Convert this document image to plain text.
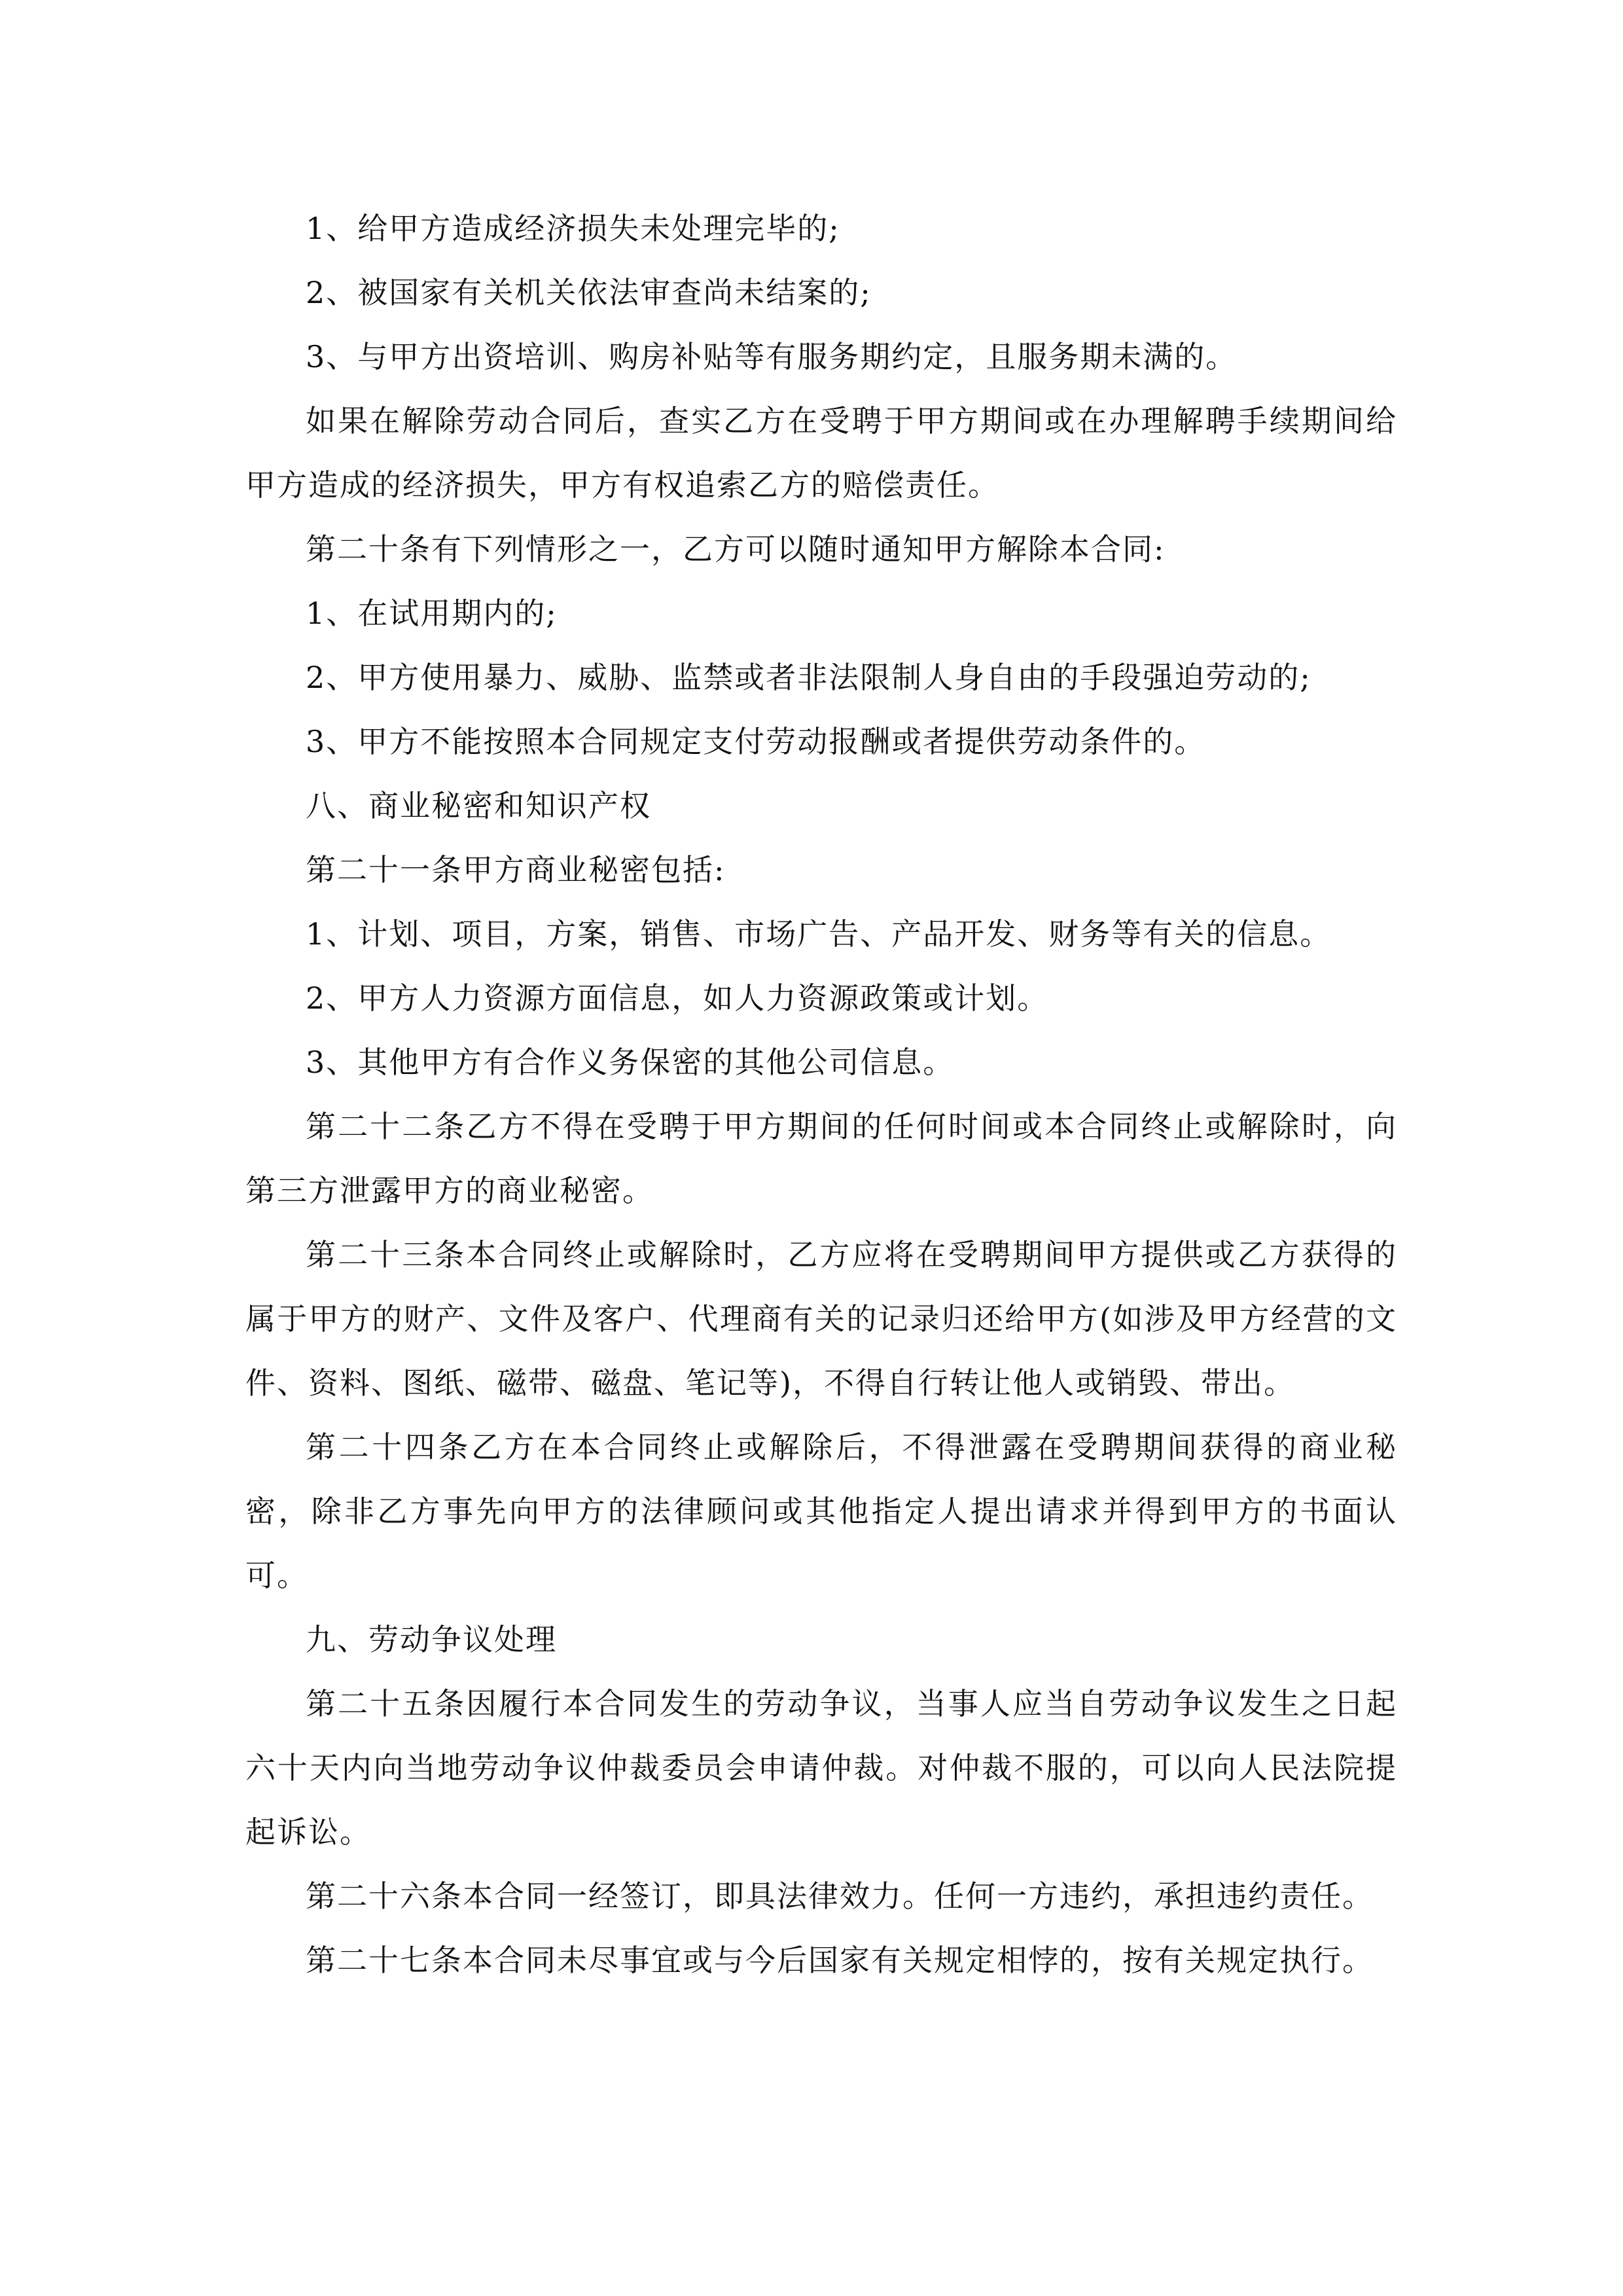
1、给甲方造成经济损失未处理完毕的;

2、被国家有关机关依法审查尚未结案的;

3、与甲方出资培训、购房补贴等有服务期约定，且服务期未满的。

如果在解除劳动合同后，查实乙方在受聘于甲方期间或在办理解聘手续期间给甲方造成的经济损失，甲方有权追索乙方的赔偿责任。

第二十条有下列情形之一，乙方可以随时通知甲方解除本合同:

1、在试用期内的;

2、甲方使用暴力、威胁、监禁或者非法限制人身自由的手段强迫劳动的;

3、甲方不能按照本合同规定支付劳动报酬或者提供劳动条件的。

八、商业秘密和知识产权

第二十一条甲方商业秘密包括:

1、计划、项目，方案，销售、市场广告、产品开发、财务等有关的信息。

2、甲方人力资源方面信息，如人力资源政策或计划。

3、其他甲方有合作义务保密的其他公司信息。

第二十二条乙方不得在受聘于甲方期间的任何时间或本合同终止或解除时，向第三方泄露甲方的商业秘密。

第二十三条本合同终止或解除时，乙方应将在受聘期间甲方提供或乙方获得的属于甲方的财产、文件及客户、代理商有关的记录归还给甲方(如涉及甲方经营的文件、资料、图纸、磁带、磁盘、笔记等)，不得自行转让他人或销毁、带出。

第二十四条乙方在本合同终止或解除后，不得泄露在受聘期间获得的商业秘密，除非乙方事先向甲方的法律顾问或其他指定人提出请求并得到甲方的书面认可。

九、劳动争议处理

第二十五条因履行本合同发生的劳动争议，当事人应当自劳动争议发生之日起六十天内向当地劳动争议仲裁委员会申请仲裁。对仲裁不服的，可以向人民法院提起诉讼。

第二十六条本合同一经签订，即具法律效力。任何一方违约，承担违约责任。

第二十七条本合同未尽事宜或与今后国家有关规定相悖的，按有关规定执行。
